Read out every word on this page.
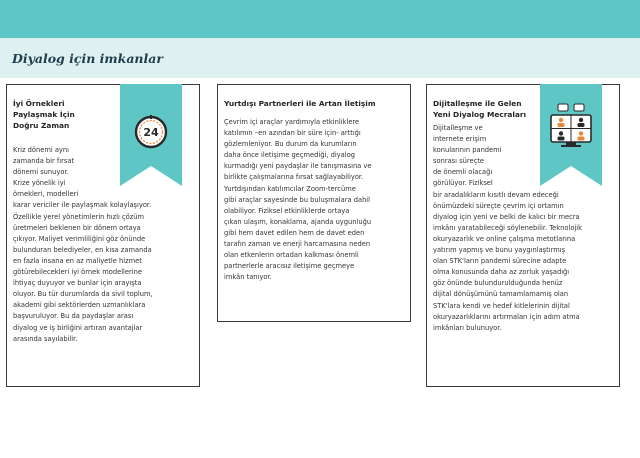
Diyalog için imkanlar
İyi Örnekleri
Paylaşmak İçin
Doğru Zaman
24
Kriz dönemi aynı
zamanda bir fırsat
dönemi sunuyor.
Krize yönelik iyi
örnekleri, modelleri
karar vericiler ile paylaşmak kolaylaşıyor.
Özellikle yerel yönetimlerin hızlı çözüm
üretmeleri beklenen bir dönem ortaya
çıkıyor. Maliyet verimliliğini göz önünde
bulunduran belediyeler, en kısa zamanda
en fazla insana en az maliyetle hizmet
götürebilecekleri iyi örnek modellerine
ihtiyaç duyuyor ve bunlar için arayışta
oluyor. Bu tür durumlarda da sivil toplum,
akademi gibi sektörlerden uzmanlıklara
başvuruluyor. Bu da paydaşlar arası
diyalog ve iş birliğini artıran avantajlar
arasında sayılabilir.
Yurtdışı Partnerleri ile Artan İletişim
Çevrim içi araçlar yardımıyla etkinliklere
katılımın –en azından bir süre için- arttığı
gözlemleniyor. Bu durum da kurumların
daha önce iletişime geçmediği, diyalog
kurmadığı yeni paydaşlar ile tanışmasına ve
birlikte çalışmalarına fırsat sağlayabiliyor.
Yurtdışından katılımcılar Zoom-tercüme
gibi araçlar sayesinde bu buluşmalara dahil
olabiliyor. Fiziksel etkinliklerde ortaya
çıkan ulaşım, konaklama, ajanda uygunluğu
gibi hem davet edilen hem de davet eden
tarafın zaman ve enerji harcamasına neden
olan etkenlerin ortadan kalkması önemli
partnerlerle aracısız iletişime geçmeye
imkân tanıyor.
Dijitalleşme ile Gelen
Yeni Diyalog Mecraları
Dijitalleşme ve
internete erişim
konularının pandemi
sonrası süreçte
de önemli olacağı
görülüyor. Fiziksel
bir aradalıkların kısıtlı devam edeceği
önümüzdeki süreçte çevrim içi ortamın
diyalog için yeni ve belki de kalıcı bir mecra
imkânı yaratabileceği söylenebilir. Teknolojik
okuryazarlık ve online çalışma metotlarına
yatırım yapmış ve bunu yaygınlaştırmış
olan STK'ların pandemi sürecine adapte
olma konusunda daha az zorluk yaşadığı
göz önünde bulundurulduğunda henüz
dijital dönüşümünü tamamlamamış olan
STK'lara kendi ve hedef kitlelerinin dijital
okuryazarlıklarını artırmaları için adım atma
imkânları bulunuyor.
